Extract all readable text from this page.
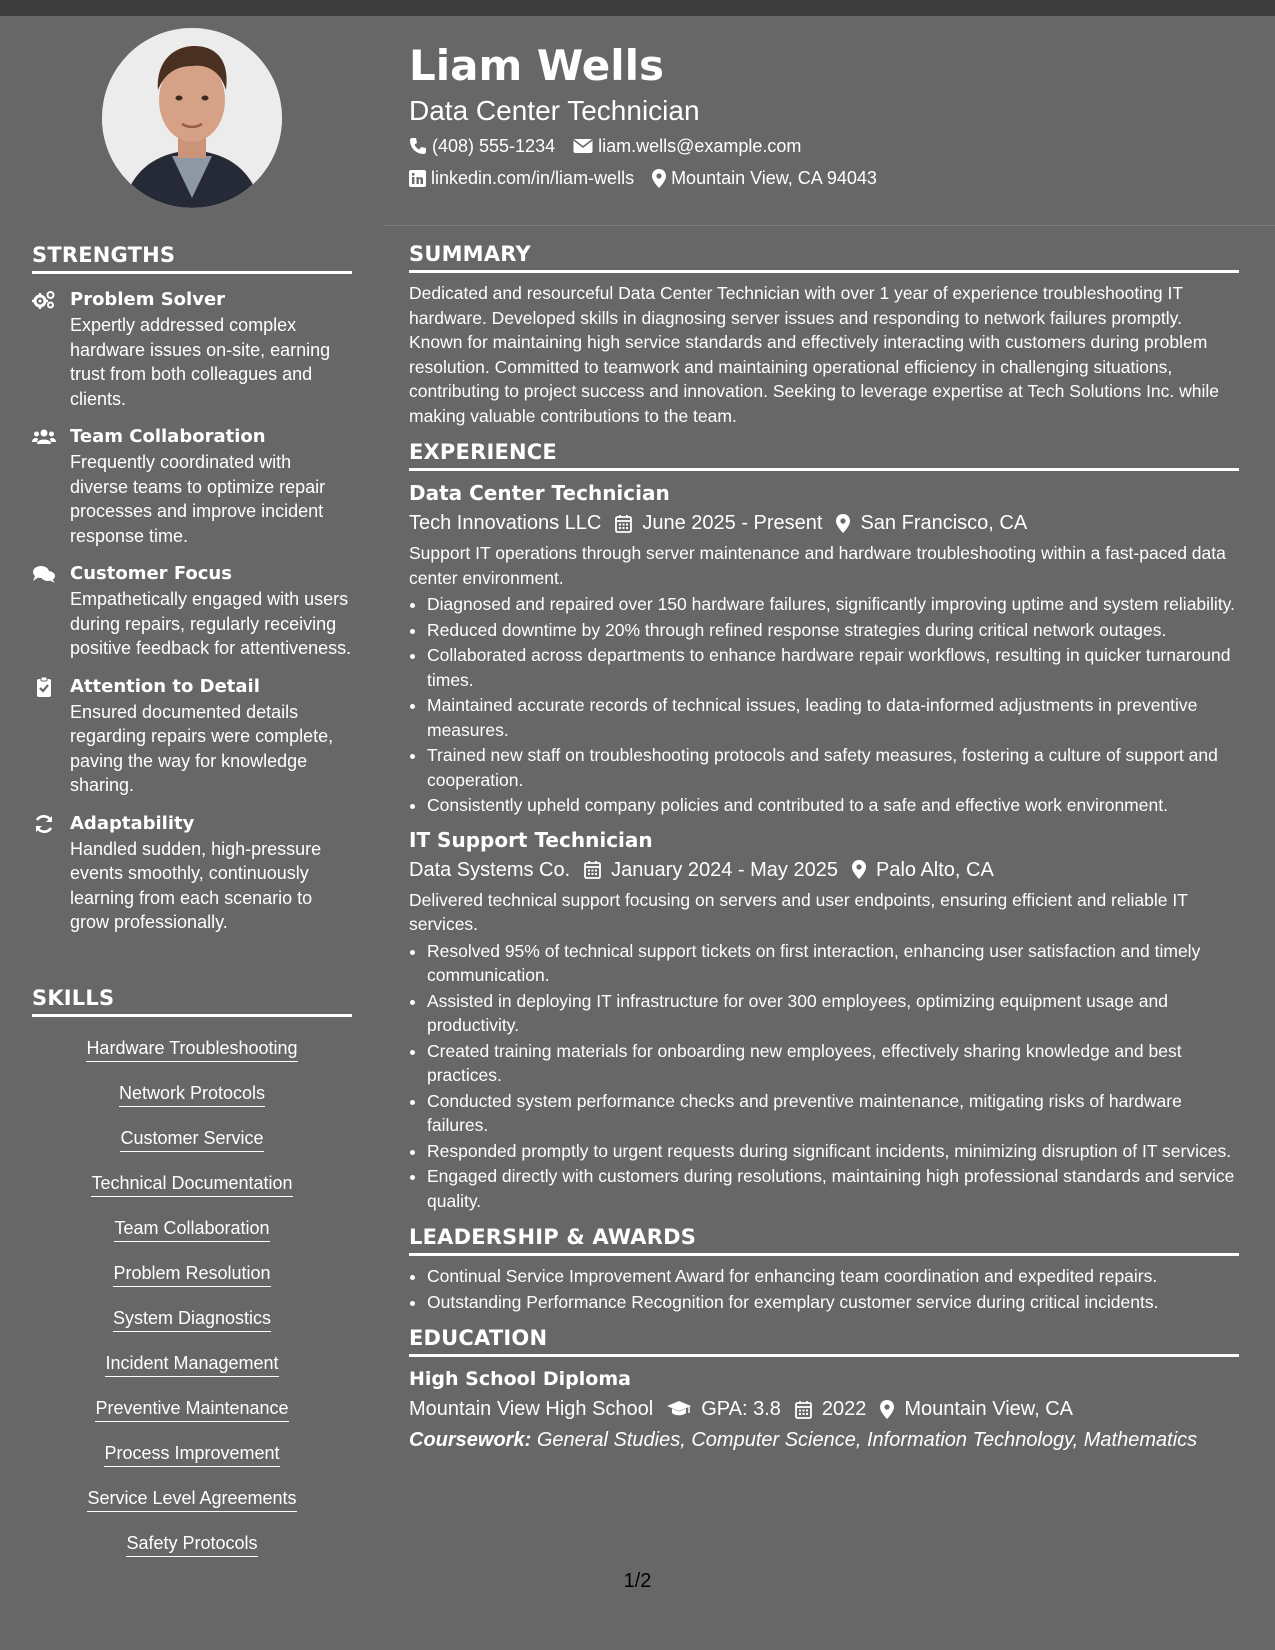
STRENGTHS
Problem Solver
Expertly addressed complex hardware issues on-site, earning trust from both colleagues and clients.
Team Collaboration
Frequently coordinated with diverse teams to optimize repair processes and improve incident response time.
Customer Focus
Empathetically engaged with users during repairs, regularly receiving positive feedback for attentiveness.
Attention to Detail
Ensured documented details regarding repairs were complete, paving the way for knowledge sharing.
Adaptability
Handled sudden, high-pressure events smoothly, continuously learning from each scenario to grow professionally.
SKILLS
Hardware Troubleshooting
Network Protocols
Customer Service
Technical Documentation
Team Collaboration
Problem Resolution
System Diagnostics
Incident Management
Preventive Maintenance
Process Improvement
Service Level Agreements
Safety Protocols
Liam Wells
Data Center Technician
(408) 555-1234 liam.wells@example.com
linkedin.com/in/liam-wells Mountain View, CA 94043
SUMMARY

Dedicated and resourceful Data Center Technician with over 1 year of experience troubleshooting IT hardware. Developed skills in diagnosing server issues and responding to network failures promptly. Known for maintaining high service standards and effectively interacting with customers during problem resolution. Committed to teamwork and maintaining operational efficiency in challenging situations, contributing to project success and innovation. Seeking to leverage expertise at Tech Solutions Inc. while making valuable contributions to the team.

EXPERIENCE
Data Center Technician
Tech Innovations LLC June 2025 - Present San Francisco, CA

Support IT operations through server maintenance and hardware troubleshooting within a fast-paced data center environment.

• Diagnosed and repaired over 150 hardware failures, significantly improving uptime and system reliability.
• Reduced downtime by 20% through refined response strategies during critical network outages.
• Collaborated across departments to enhance hardware repair workflows, resulting in quicker turnaround times.
• Maintained accurate records of technical issues, leading to data-informed adjustments in preventive measures.
• Trained new staff on troubleshooting protocols and safety measures, fostering a culture of support and cooperation.
• Consistently upheld company policies and contributed to a safe and effective work environment.
IT Support Technician
Data Systems Co. January 2024 - May 2025 Palo Alto, CA

Delivered technical support focusing on servers and user endpoints, ensuring efficient and reliable IT services.

• Resolved 95% of technical support tickets on first interaction, enhancing user satisfaction and timely communication.
• Assisted in deploying IT infrastructure for over 300 employees, optimizing equipment usage and productivity.
• Created training materials for onboarding new employees, effectively sharing knowledge and best practices.
• Conducted system performance checks and preventive maintenance, mitigating risks of hardware failures.
• Responded promptly to urgent requests during significant incidents, minimizing disruption of IT services.
• Engaged directly with customers during resolutions, maintaining high professional standards and service quality.
LEADERSHIP & AWARDS
• Continual Service Improvement Award for enhancing team coordination and expedited repairs.
• Outstanding Performance Recognition for exemplary customer service during critical incidents.
EDUCATION
High School Diploma
Mountain View High School GPA: 3.8 2022 Mountain View, CA
Coursework: General Studies, Computer Science, Information Technology, Mathematics
1/2
